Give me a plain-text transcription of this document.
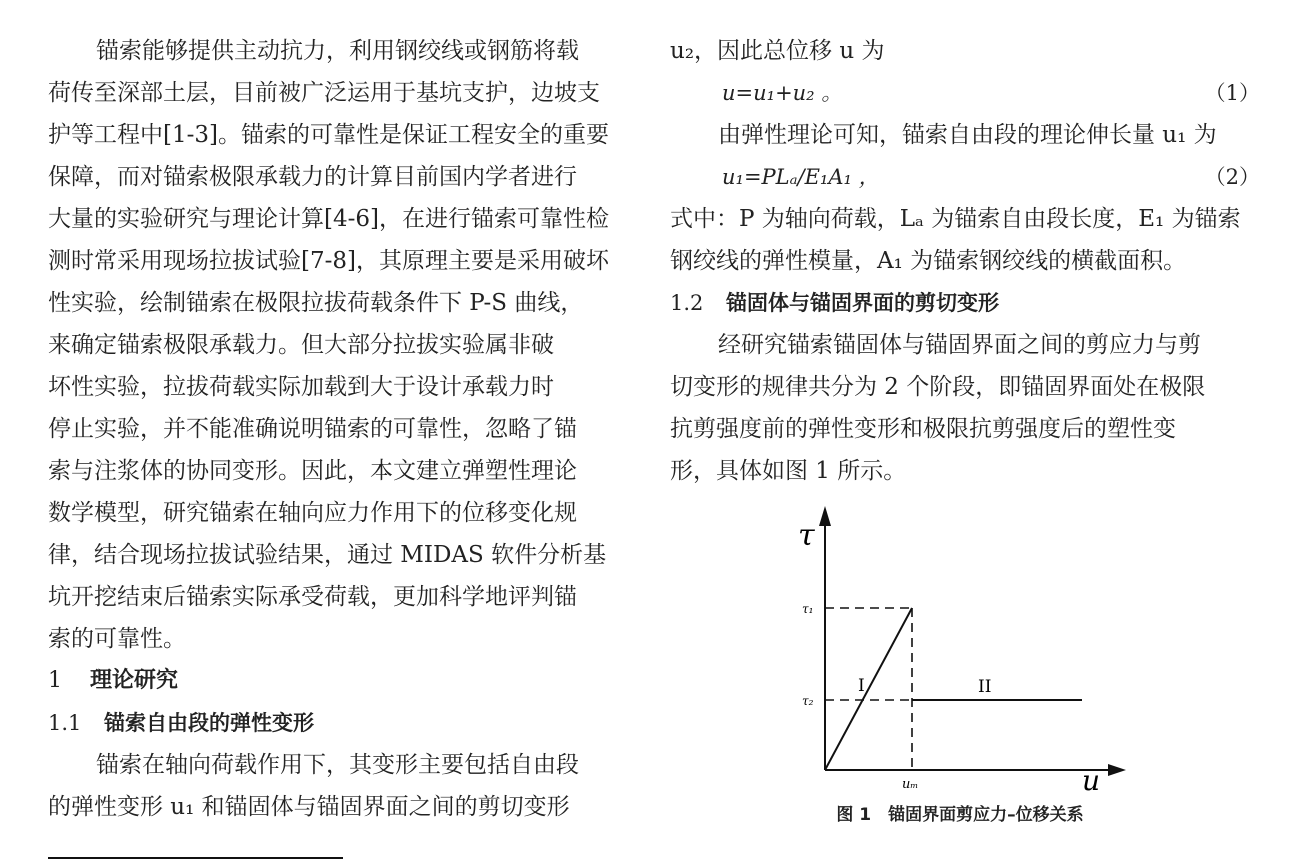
锚索能够提供主动抗力，利用钢绞线或钢筋将载
荷传至深部土层，目前被广泛运用于基坑支护，边坡支
护等工程中[1-3]。锚索的可靠性是保证工程安全的重要
保障，而对锚索极限承载力的计算目前国内学者进行
大量的实验研究与理论计算[4-6]，在进行锚索可靠性检
测时常采用现场拉拔试验[7-8]，其原理主要是采用破坏
性实验，绘制锚索在极限拉拔荷载条件下 P-S 曲线，
来确定锚索极限承载力。但大部分拉拔实验属非破
坏性实验，拉拔荷载实际加载到大于设计承载力时
停止实验，并不能准确说明锚索的可靠性，忽略了锚
索与注浆体的协同变形。因此，本文建立弹塑性理论
数学模型，研究锚索在轴向应力作用下的位移变化规
律，结合现场拉拔试验结果，通过 MIDAS 软件分析基
坑开挖结束后锚索实际承受荷载，更加科学地评判锚
索的可靠性。
1 理论研究
1.1 锚索自由段的弹性变形
锚索在轴向荷载作用下，其变形主要包括自由段
的弹性变形 u₁ 和锚固体与锚固界面之间的剪切变形
u₂，因此总位移 u 为
u=u₁+u₂ 。	（1）
由弹性理论可知，锚索自由段的理论伸长量 u₁ 为
u₁=PLₐ/E₁A₁ ，	（2）
式中：P 为轴向荷载，Lₐ 为锚索自由段长度，E₁ 为锚索
钢绞线的弹性模量，A₁ 为锚索钢绞线的横截面积。
1.2 锚固体与锚固界面的剪切变形
经研究锚索锚固体与锚固界面之间的剪应力与剪
切变形的规律共分为 2 个阶段，即锚固界面处在极限
抗剪强度前的弹性变形和极限抗剪强度后的塑性变
形，具体如图 1 所示。
τ
u
τ₁
τ₂
uₘ
I	II
图 1　锚固界面剪应力–位移关系
